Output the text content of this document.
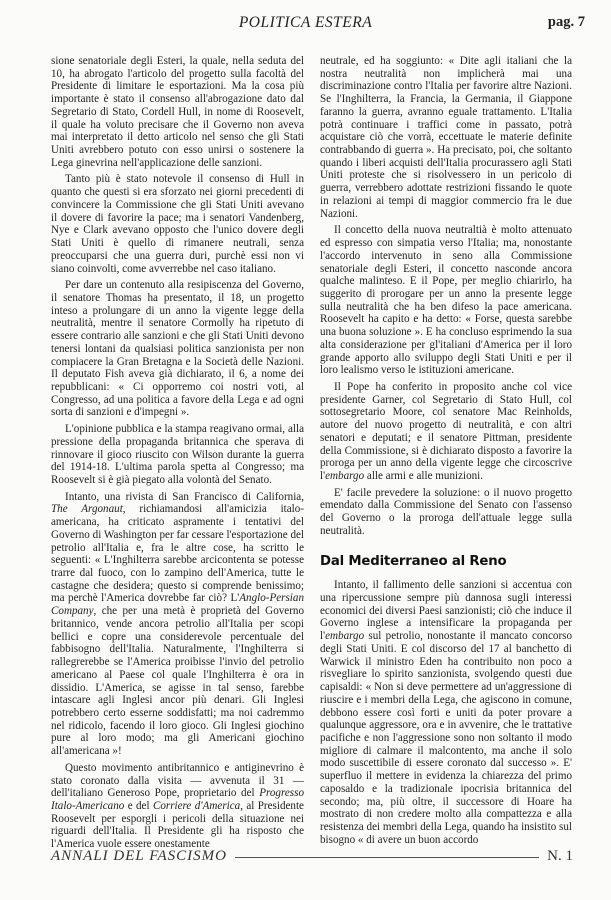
POLITICA ESTERA	pag. 7

sione senatoriale degli Esteri, la quale, nella seduta del 10, ha abrogato l'articolo del progetto sulla facoltà del Presidente di limitare le esportazioni. Ma la cosa più importante è stato il consenso all'abrogazione dato dal Segretario di Stato, Cordell Hull, in nome di Roosevelt, il quale ha voluto precisare che il Governo non aveva mai interpretato il detto articolo nel senso che gli Stati Uniti avrebbero potuto con esso unirsi o sostenere la Lega ginevrina nell'applicazione delle sanzioni.

Tanto più è stato notevole il consenso di Hull in quanto che questi si era sforzato nei giorni precedenti di convincere la Commissione che gli Stati Uniti avevano il dovere di favorire la pace; ma i senatori Vandenberg, Nye e Clark avevano opposto che l'unico dovere degli Stati Uniti è quello di rimanere neutrali, senza preoccuparsi che una guerra duri, purchè essi non vi siano coinvolti, come avverrebbe nel caso italiano.

Per dare un contenuto alla resipiscenza del Governo, il senatore Thomas ha presentato, il 18, un progetto inteso a prolungare di un anno la vigente legge della neutralità, mentre il senatore Cormolly ha ripetuto di essere contrario alle sanzioni e che gli Stati Uniti devono tenersi lontani da qualsiasi politica sanzionista per non compiacere la Gran Bretagna e la Società delle Nazioni. Il deputato Fish aveva già dichiarato, il 6, a nome dei repubblicani: « Ci opporremo coi nostri voti, al Congresso, ad una politica a favore della Lega e ad ogni sorta di sanzioni e d'impegni ».

L'opinione pubblica e la stampa reagivano ormai, alla pressione della propaganda britannica che sperava di rinnovare il gioco riuscito con Wilson durante la guerra del 1914-18. L'ultima parola spetta al Congresso; ma Roosevelt si è già piegato alla volontà del Senato.

Intanto, una rivista di San Francisco di California, The Argonaut, richiamandosi all'amicizia italo-americana, ha criticato aspramente i tentativi del Governo di Washington per far cessare l'esportazione del petrolio all'Italia e, fra le altre cose, ha scritto le seguenti: « L'Inghilterra sarebbe arcicontenta se potesse trarre dal fuoco, con lo zampino dell'America, tutte le castagne che desidera; questo si comprende benissimo; ma perchè l'America dovrebbe far ciò? L'Anglo-Persian Company, che per una metà è proprietà del Governo britannico, vende ancora petrolio all'Italia per scopi bellici e copre una considerevole percentuale del fabbisogno dell'Italia. Naturalmente, l'Inghilterra si rallegrerebbe se l'America proibisse l'invio del petrolio americano al Paese col quale l'Inghilterra è ora in dissidio. L'America, se agisse in tal senso, farebbe intascare agli Inglesi ancor più denari. Gli Inglesi potrebbero certo esserne soddisfatti; ma noi cadremmo nel ridicolo, facendo il loro gioco. Gli Inglesi giochino pure al loro modo; ma gli Americani giochino all'americana »!

Questo movimento antibritannico e antiginevrino è stato coronato dalla visita — avvenuta il 31 — dell'italiano Generoso Pope, proprietario del Progresso Italo-Americano e del Corriere d'America, al Presidente Roosevelt per esporgli i pericoli della situazione nei riguardi dell'Italia. Il Presidente gli ha risposto che l'America vuole essere onestamente

neutrale, ed ha soggiunto: « Dite agli italiani che la nostra neutralità non implicherà mai una discriminazione contro l'Italia per favorire altre Nazioni. Se l'Inghilterra, la Francia, la Germania, il Giappone faranno la guerra, avranno eguale trattamento. L'Italia potrà continuare i traffici come in passato, potrà acquistare ciò che vorrà, eccettuate le materie definite contrabbando di guerra ». Ha precisato, poi, che soltanto quando i liberi acquisti dell'Italia procurassero agli Stati Uniti proteste che si risolvessero in un pericolo di guerra, verrebbero adottate restrizioni fissando le quote in relazioni ai tempi di maggior commercio fra le due Nazioni.

Il concetto della nuova neutraltià è molto attenuato ed espresso con simpatia verso l'Italia; ma, nonostante l'accordo intervenuto in seno alla Commissione senatoriale degli Esteri, il concetto nasconde ancora qualche malinteso. E il Pope, per meglio chiarirlo, ha suggerito di prorogare per un anno la presente legge sulla neutralità che ha ben difeso la pace americana. Roosevelt ha capito e ha detto: « Forse, questa sarebbe una buona soluzione ». E ha concluso esprimendo la sua alta considerazione per gl'italiani d'America per il loro grande apporto allo sviluppo degli Stati Uniti e per il loro lealismo verso le istituzioni americane.

Il Pope ha conferito in proposito anche col vice presidente Garner, col Segretario di Stato Hull, col sottosegretario Moore, col senatore Mac Reinholds, autore del nuovo progetto di neutralità, e con altri senatori e deputati; e il senatore Pittman, presidente della Commissione, si è dichiarato disposto a favorire la proroga per un anno della vigente legge che circoscrive l'embargo alle armi e alle munizioni.

E' facile prevedere la soluzione: o il nuovo progetto emendato dalla Commissione del Senato con l'assenso del Governo o la proroga dell'attuale legge sulla neutralità.

Dal Mediterraneo al Reno

Intanto, il fallimento delle sanzioni si accentua con una ripercussione sempre più dannosa sugli interessi economici dei diversi Paesi sanzionisti; ciò che induce il Governo inglese a intensificare la propaganda per l'embargo sul petrolio, nonostante il mancato concorso degli Stati Uniti. E col discorso del 17 al banchetto di Warwick il ministro Eden ha contribuito non poco a risvegliare lo spirito sanzionista, svolgendo questi due capisaldi: « Non si deve permettere ad un'aggressione di riuscire e i membri della Lega, che agiscono in comune, debbono essere così forti e uniti da poter provare a qualunque aggressore, ora e in avvenire, che le trattative pacifiche e non l'aggressione sono non soltanto il modo migliore di calmare il malcontento, ma anche il solo modo suscettibile di essere coronato dal successo ». E' superfluo il mettere in evidenza la chiarezza del primo caposaldo e la tradizionale ipocrisia britannica del secondo; ma, più oltre, il successore di Hoare ha mostrato di non credere molto alla compattezza e alla resistenza dei membri della Lega, quando ha insistito sul bisogno « di avere un buon accordo

ANNALI DEL FASCISMO	N. 1
